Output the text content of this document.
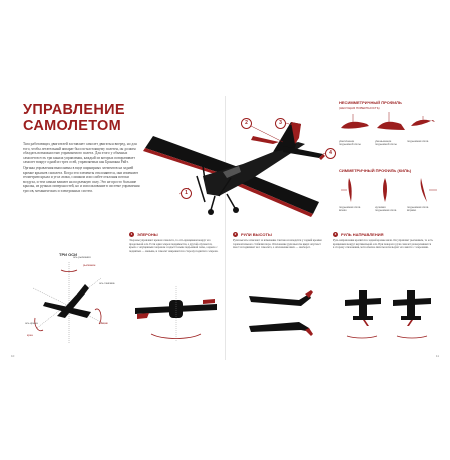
УПРАВЛЕНИЕ
САМОЛЕТОМ

Тяга работающих двигателей заставляет самолет двигаться вперед, но для того, чтобы летательный аппарат был по-настоящему полезен, он должен обладать возможностью управляемого полета. Для этого у обычных самолетов есть три канала управления, каждый из которых поворачивает самолет вокруг одной из трех осей, управляемых как Бранзаны Райт.

Органы управления выполнены в виде шарнирных элементов на задней кромке крыльев самолета. Когда эти элементы отклоняются, они изменяют геометрию крыла и угол атаки, слишком или слабее отклоняя потоки воздуха, и тем самым влияют на подъемную силу. Это не просто большие крылья, из ручных поверхностей, но и использование в системе управления тросов, механических и электронных систем.	1
2	3
4
НЕСИММЕТРИЧНЫЙ ПРОФИЛЬ
(НЕСУЩАЯ ПОВЕРХНОСТЬ)
увеличение подъемной силы
уменьшение подъемной силы
подъемная сила
СИММЕТРИЧНЫЙ ПРОФИЛЬ (КИЛЬ)
подъемная сила влево
нулевая подъемная сила
подъемная сила вправо
ТРИ ОСИ
ось рыскания
ось тангажа
ось крена
рыскание
крен
тангаж
1	ЭЛЕРОНЫ
Элероны управляют креном самолета, то есть вращением вокруг его продольной оси. Если один элерон поднимается, а другой опускается, крыло с опущенным элероном создает больше подъемной силы, а крыло с поднятым — меньше, и самолет накреняется в сторону поднятого элерона.
2	РУЛИ ВЫСОТЫ
Рули высоты отвечают за изменение тангажа и находятся у задней кромки горизонтального стабилизатора. Отклонение руля высоты вверх опускает хвост и поднимает нос самолета, а отклонение вниз — наоборот.
3	РУЛЬ НАПРАВЛЕНИЯ
Руль направления крепится к задней кромке киля. Он управляет рысканием, то есть вращением вокруг вертикальной оси. При повороте руля самолет разворачивается в сторону отклонения, хотя обычно пилоты используют его вместе с элеронами.
10	11
